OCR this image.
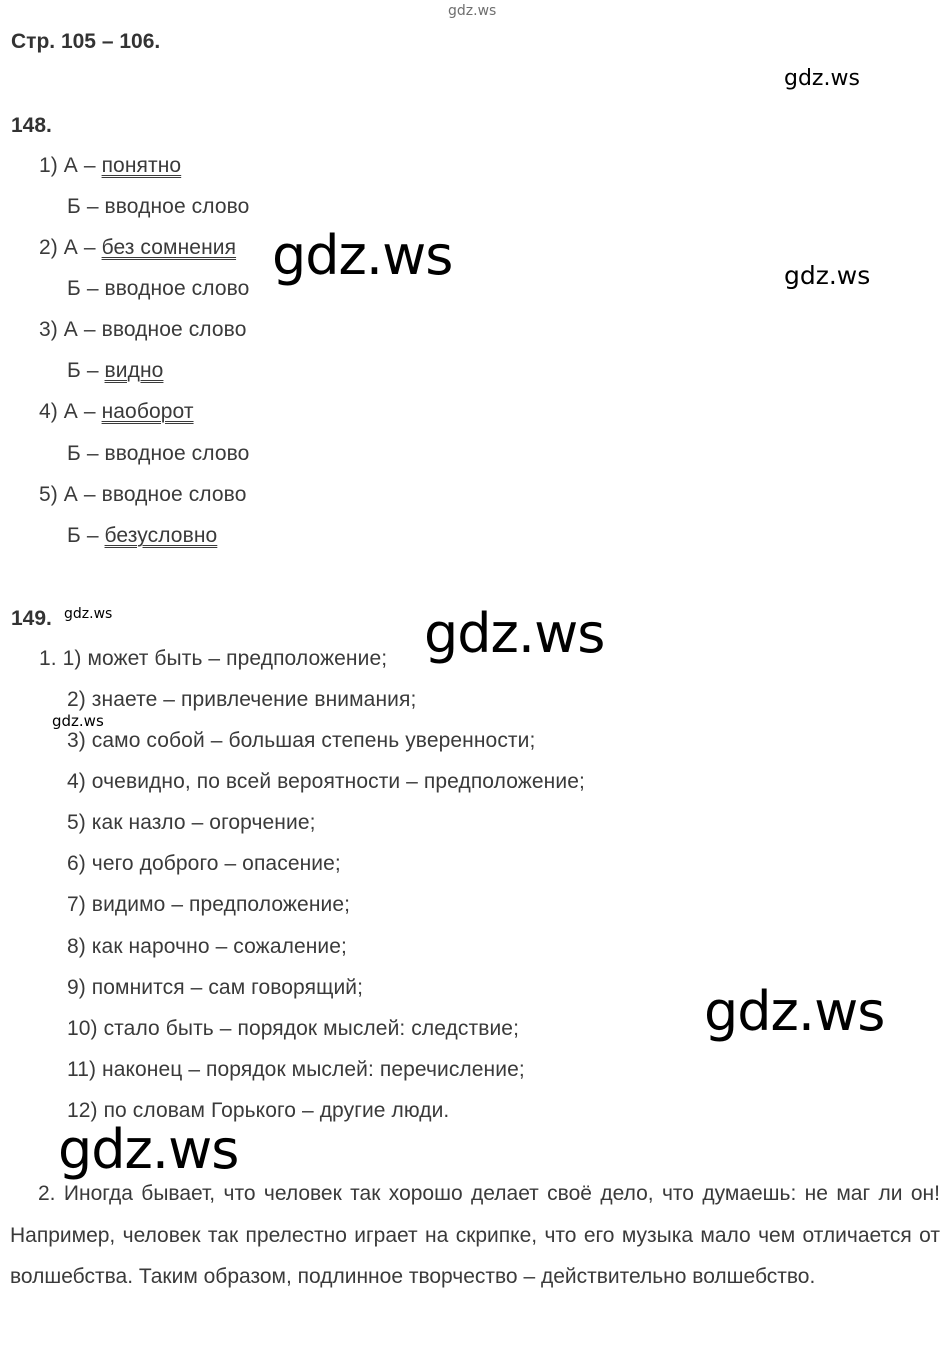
gdz.ws
gdz.ws
gdz.ws	gdz.ws
gdz.ws	gdz.ws
gdz.ws
gdz.ws
gdz.ws
Стр. 105 – 106.
148.
1) А – понятно
Б – вводное слово
2) А – без сомнения
Б – вводное слово
3) А – вводное слово
Б – видно
4) А – наоборот
Б – вводное слово
5) А – вводное слово
Б – безусловно
149.
1. 1) может быть – предположение;
2) знаете – привлечение внимания;
3) само собой – большая степень уверенности;
4) очевидно, по всей вероятности – предположение;
5) как назло – огорчение;
6) чего доброго – опасение;
7) видимо – предположение;
8) как нарочно – сожаление;
9) помнится – сам говорящий;
10) стало быть – порядок мыслей: следствие;
11) наконец – порядок мыслей: перечисление;
12) по словам Горького – другие люди.
2. Иногда бывает, что человек так хорошо делает своё дело, что думаешь: не маг ли он! Например, человек так прелестно играет на скрипке, что его музыка мало чем отличается от волшебства. Таким образом, подлинное творчество – действительно волшебство.
